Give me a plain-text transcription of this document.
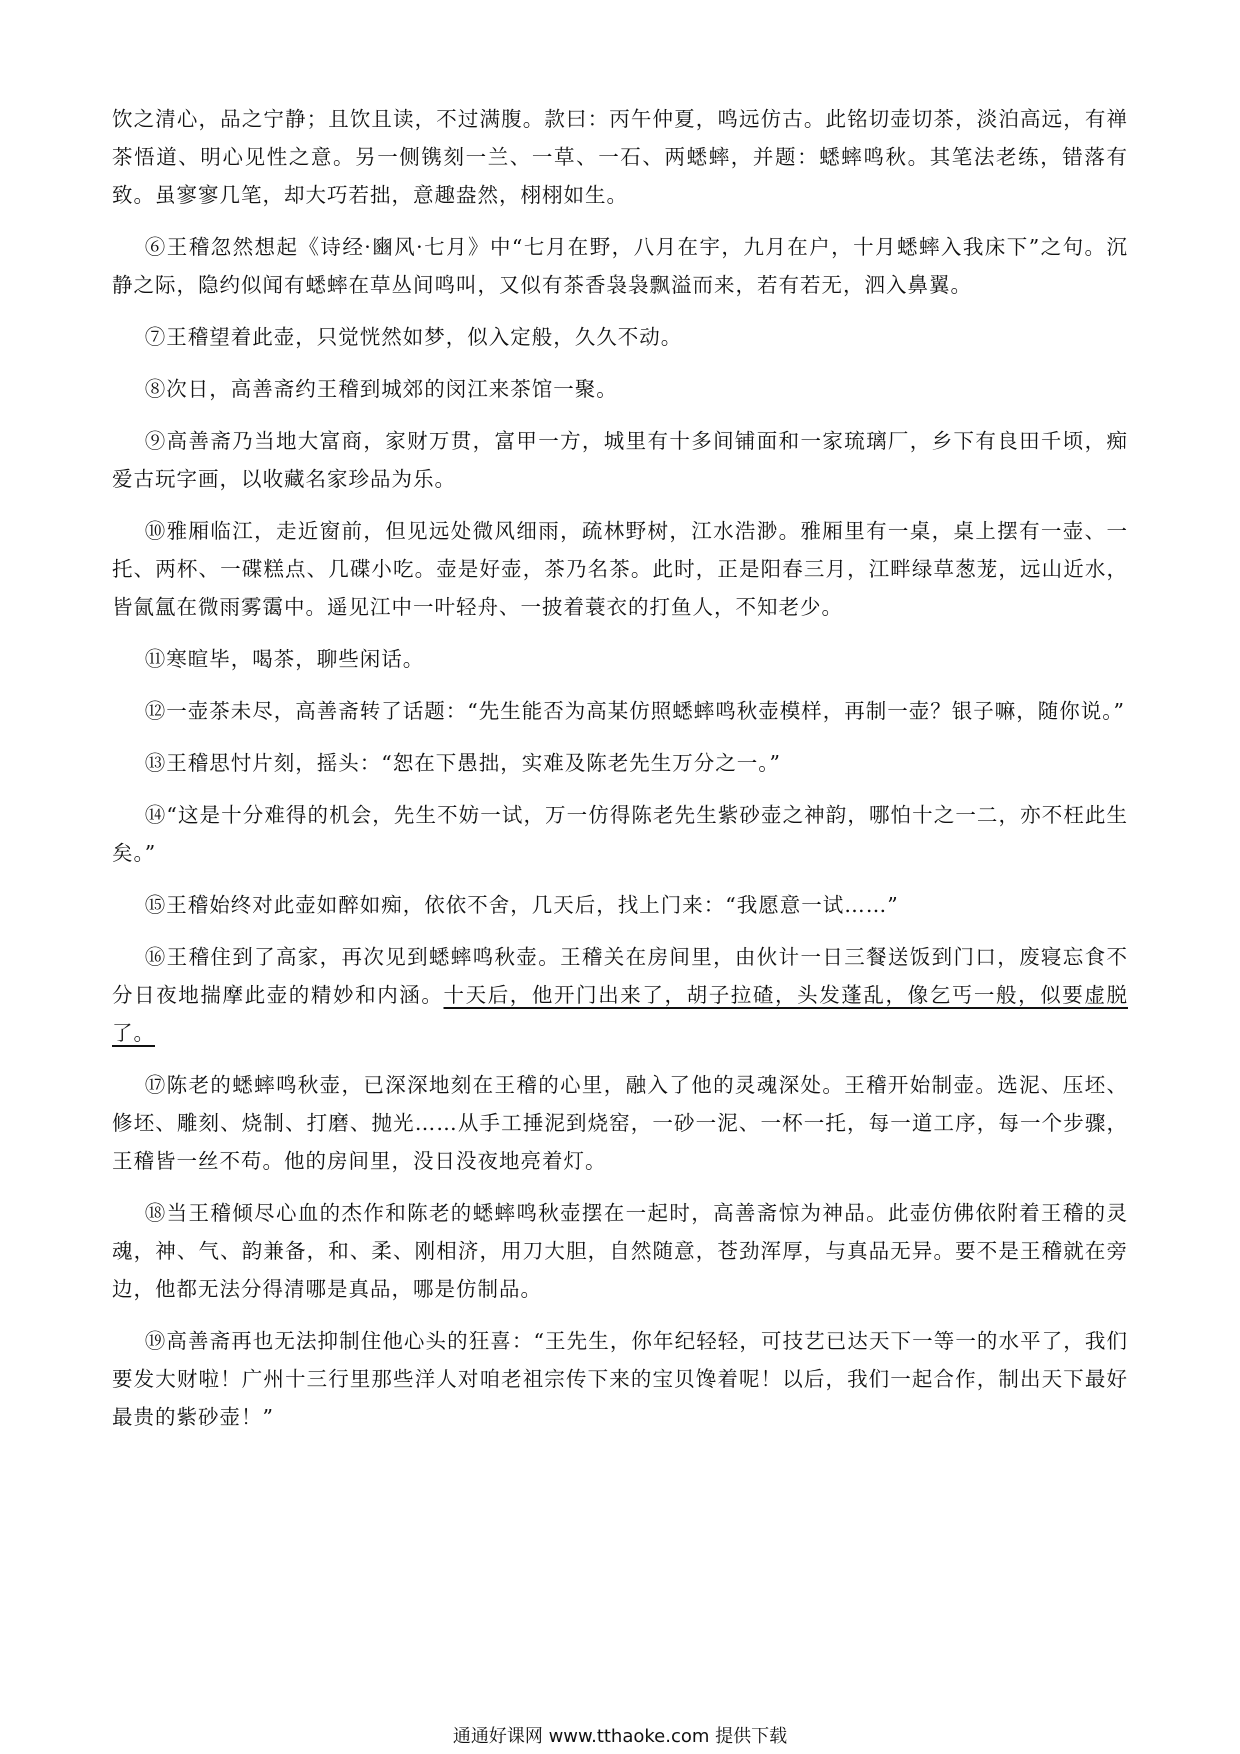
饮之清心，品之宁静；且饮且读，不过满腹。款曰：丙午仲夏，鸣远仿古。此铭切壶切茶，淡泊高远，有禅茶悟道、明心见性之意。另一侧镌刻一兰、一草、一石、两蟋蟀，并题：蟋蟀鸣秋。其笔法老练，错落有致。虽寥寥几笔，却大巧若拙，意趣盎然，栩栩如生。

⑥王稽忽然想起《诗经·豳风·七月》中“七月在野，八月在宇，九月在户，十月蟋蟀入我床下”之句。沉静之际，隐约似闻有蟋蟀在草丛间鸣叫，又似有茶香袅袅飘溢而来，若有若无，泗入鼻翼。

⑦王稽望着此壶，只觉恍然如梦，似入定般，久久不动。

⑧次日，高善斋约王稽到城郊的闵江来茶馆一聚。

⑨高善斋乃当地大富商，家财万贯，富甲一方，城里有十多间铺面和一家琉璃厂，乡下有良田千顷，痴爱古玩字画，以收藏名家珍品为乐。

⑩雅厢临江，走近窗前，但见远处微风细雨，疏林野树，江水浩渺。雅厢里有一桌，桌上摆有一壶、一托、两杯、一碟糕点、几碟小吃。壶是好壶，茶乃名茶。此时，正是阳春三月，江畔绿草葱茏，远山近水，皆氤氲在微雨雾霭中。遥见江中一叶轻舟、一披着蓑衣的打鱼人，不知老少。

⑪寒暄毕，喝茶，聊些闲话。

⑫一壶茶未尽，高善斋转了话题：“先生能否为高某仿照蟋蟀鸣秋壶模样，再制一壶？银子嘛，随你说。”

⑬王稽思忖片刻，摇头：“恕在下愚拙，实难及陈老先生万分之一。”

⑭“这是十分难得的机会，先生不妨一试，万一仿得陈老先生紫砂壶之神韵，哪怕十之一二，亦不枉此生矣。”

⑮王稽始终对此壶如醉如痴，依依不舍，几天后，找上门来：“我愿意一试……”

⑯王稽住到了高家，再次见到蟋蟀鸣秋壶。王稽关在房间里，由伙计一日三餐送饭到门口，废寝忘食不分日夜地揣摩此壶的精妙和内涵。十天后，他开门出来了，胡子拉碴，头发蓬乱，像乞丐一般，似要虚脱了。

⑰陈老的蟋蟀鸣秋壶，已深深地刻在王稽的心里，融入了他的灵魂深处。王稽开始制壶。选泥、压坯、修坯、雕刻、烧制、打磨、抛光……从手工捶泥到烧窑，一砂一泥、一杯一托，每一道工序，每一个步骤，王稽皆一丝不苟。他的房间里，没日没夜地亮着灯。

⑱当王稽倾尽心血的杰作和陈老的蟋蟀鸣秋壶摆在一起时，高善斋惊为神品。此壶仿佛依附着王稽的灵魂，神、气、韵兼备，和、柔、刚相济，用刀大胆，自然随意，苍劲浑厚，与真品无异。要不是王稽就在旁边，他都无法分得清哪是真品，哪是仿制品。

⑲高善斋再也无法抑制住他心头的狂喜：“王先生，你年纪轻轻，可技艺已达天下一等一的水平了，我们要发大财啦！广州十三行里那些洋人对咱老祖宗传下来的宝贝馋着呢！以后，我们一起合作，制出天下最好最贵的紫砂壶！”

通通好课网 www.tthaoke.com 提供下载
